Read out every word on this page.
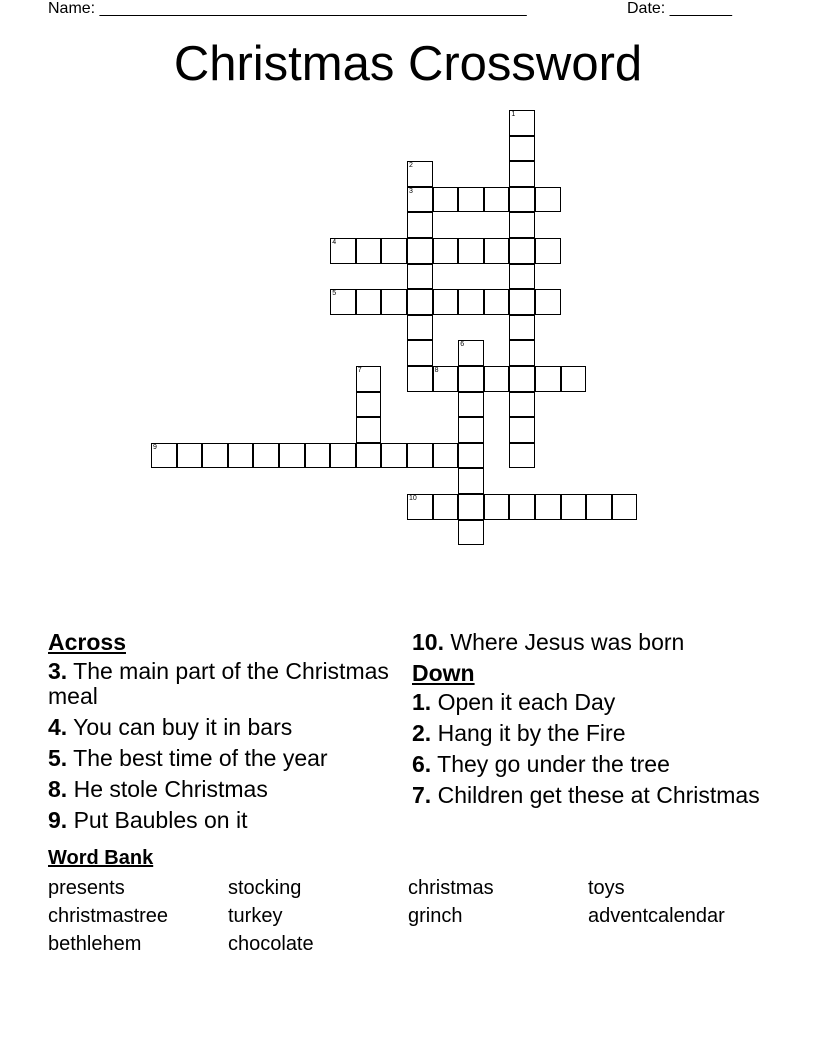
Name: ________________________________________________	Date: _______
Christmas Crossword
1
2
3
4
5
6
7	8
9
10
Across
3. The main part of the Christmas meal
4. You can buy it in bars
5. The best time of the year
8. He stole Christmas
9. Put Baubles on it
10. Where Jesus was born
Down
1. Open it each Day
2. Hang it by the Fire
6. They go under the tree
7. Children get these at Christmas
Word Bank
presents	stocking	christmas	toys
christmastree	turkey	grinch	adventcalendar
bethlehem	chocolate
